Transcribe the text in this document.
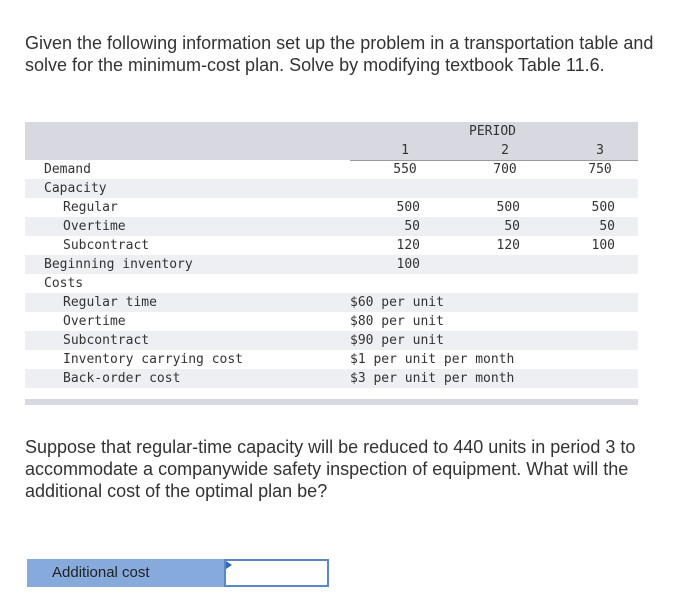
Given the following information set up the problem in a transportation table and solve for the minimum-cost plan. Solve by modifying textbook Table 11.6.
PERIOD
1	2	3
Demand	550	700	750
Capacity
Regular	500	500	500
Overtime	50	50	50
Subcontract	120	120	100
Beginning inventory	100
Costs
Regular time	$60 per unit
Overtime	$80 per unit
Subcontract	$90 per unit
Inventory carrying cost	$1 per unit per month
Back-order cost	$3 per unit per month
Suppose that regular-time capacity will be reduced to 440 units in period 3 to accommodate a companywide safety inspection of equipment. What will the additional cost of the optimal plan be?
Additional cost
